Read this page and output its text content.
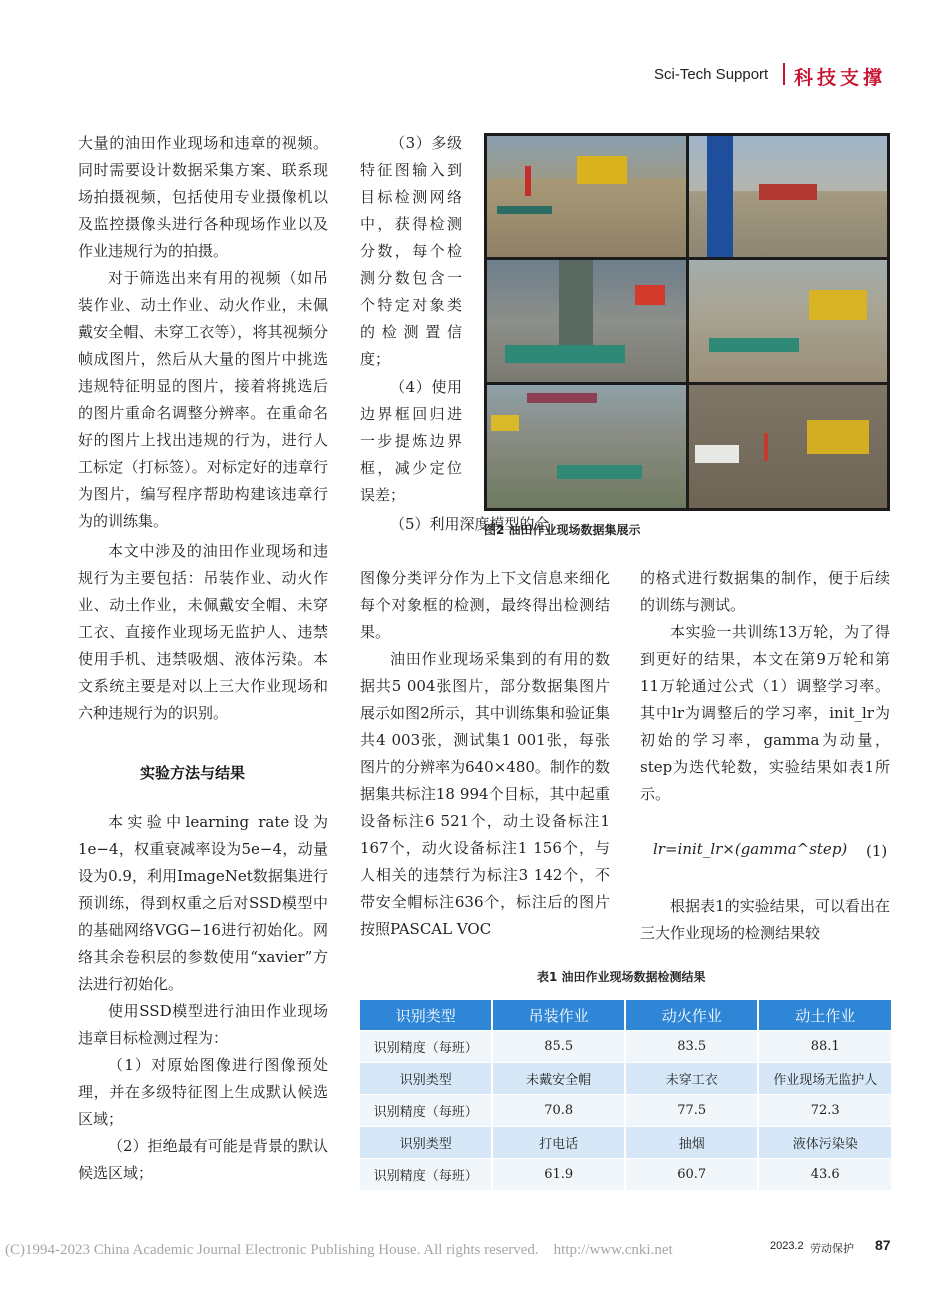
Sci-Tech Support 科技支撑

大量的油田作业现场和违章的视频。同时需要设计数据采集方案、联系现场拍摄视频，包括使用专业摄像机以及监控摄像头进行各种现场作业以及作业违规行为的拍摄。

对于筛选出来有用的视频（如吊装作业、动土作业、动火作业，未佩戴安全帽、未穿工衣等），将其视频分帧成图片，然后从大量的图片中挑选违规特征明显的图片，接着将挑选后的图片重命名调整分辨率。在重命名好的图片上找出违规的行为，进行人工标定（打标签）。对标定好的违章行为图片，编写程序帮助构建该违章行为的训练集。

本文中涉及的油田作业现场和违规行为主要包括：吊装作业、动火作业、动土作业，未佩戴安全帽、未穿工衣、直接作业现场无监护人、违禁使用手机、违禁吸烟、液体污染。本文系统主要是对以上三大作业现场和六种违规行为的识别。

实验方法与结果

本实验中learning rate设为1e−4，权重衰减率设为5e−4，动量设为0.9，利用ImageNet数据集进行预训练，得到权重之后对SSD模型中的基础网络VGG−16进行初始化。网络其余卷积层的参数使用“xavier”方法进行初始化。

使用SSD模型进行油田作业现场违章目标检测过程为：

（1）对原始图像进行图像预处理，并在多级特征图上生成默认候选区域；

（2）拒绝最有可能是背景的默认候选区域；

（3）多级特征图输入到目标检测网络中，获得检测分数，每个检测分数包含一个特定对象类的检测置信度；

（4）使用边界框回归进一步提炼边界框，减少定位误差；

（5）利用深度模型的全

图像分类评分作为上下文信息来细化每个对象框的检测，最终得出检测结果。

油田作业现场采集到的有用的数据共5 004张图片，部分数据集图片展示如图2所示，其中训练集和验证集共4 003张，测试集1 001张，每张图片的分辨率为640×480。制作的数据集共标注18 994个目标，其中起重设备标注6 521个，动土设备标注1 167个，动火设备标注1 156个，与人相关的违禁行为标注3 142个，不带安全帽标注636个，标注后的图片按照PASCAL VOC

图2 油田作业现场数据集展示

的格式进行数据集的制作，便于后续的训练与测试。

本实验一共训练13万轮，为了得到更好的结果，本文在第9万轮和第11万轮通过公式（1）调整学习率。其中lr为调整后的学习率，init_lr为初始的学习率，gamma为动量，step为迭代轮数，实验结果如表1所示。

lr=init_lr×(gamma^step) (1)

根据表1的实验结果，可以看出在三大作业现场的检测结果较

表1 油田作业现场数据检测结果
识别类型	吊装作业	动火作业	动土作业
识别精度（每班）	85.5	83.5	88.1
识别类型	未戴安全帽	未穿工衣	作业现场无监护人
识别精度（每班）	70.8	77.5	72.3
识别类型	打电话	抽烟	液体污染染
识别精度（每班）	61.9	60.7	43.6
2023.2 劳动保护 87
(C)1994-2023 China Academic Journal Electronic Publishing House. All rights reserved.    http://www.cnki.net
